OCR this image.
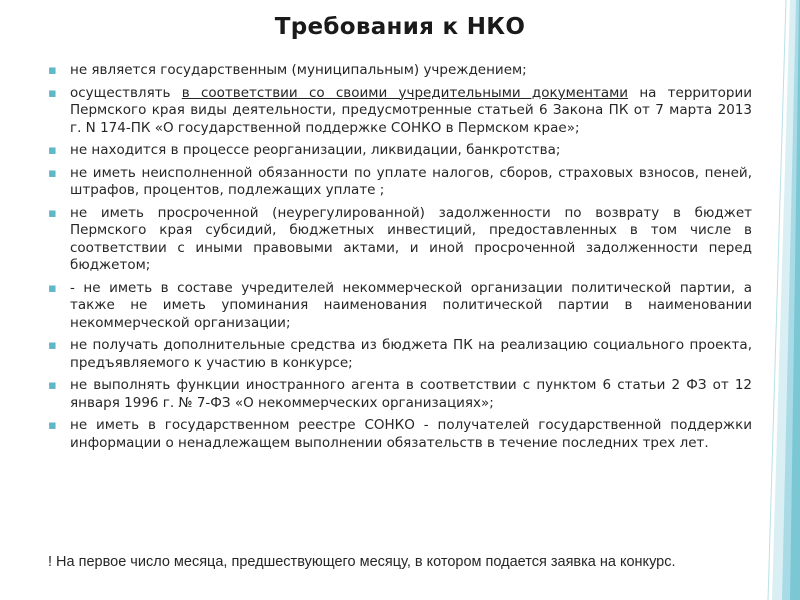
Требования к НКО
▪ не является государственным (муниципальным) учреждением;
▪ осуществлять в соответствии со своими учредительными документами на территории Пермского края виды деятельности, предусмотренные статьей 6 Закона ПК от 7 марта 2013 г. N 174-ПК «О государственной поддержке СОНКО в Пермском крае»;
▪ не находится в процессе реорганизации, ликвидации, банкротства;
▪ не иметь неисполненной обязанности по уплате налогов, сборов, страховых взносов, пеней, штрафов, процентов, подлежащих уплате ;
▪ не иметь просроченной (неурегулированной) задолженности по возврату в бюджет Пермского края субсидий, бюджетных инвестиций, предоставленных в том числе в соответствии с иными правовыми актами, и иной просроченной задолженности перед бюджетом;
▪ - не иметь в составе учредителей некоммерческой организации политической партии, а также не иметь упоминания наименования политической партии в наименовании некоммерческой организации;
▪ не получать дополнительные средства из бюджета ПК на реализацию социального проекта, предъявляемого к участию в конкурсе;
▪ не выполнять функции иностранного агента в соответствии с пунктом 6 статьи 2 ФЗ от 12 января 1996 г. № 7-ФЗ «О некоммерческих организациях»;
▪ не иметь в государственном реестре СОНКО - получателей государственной поддержки информации о ненадлежащем выполнении обязательств в течение последних трех лет.

! На первое число месяца, предшествующего месяцу, в котором подается заявка на конкурс.
